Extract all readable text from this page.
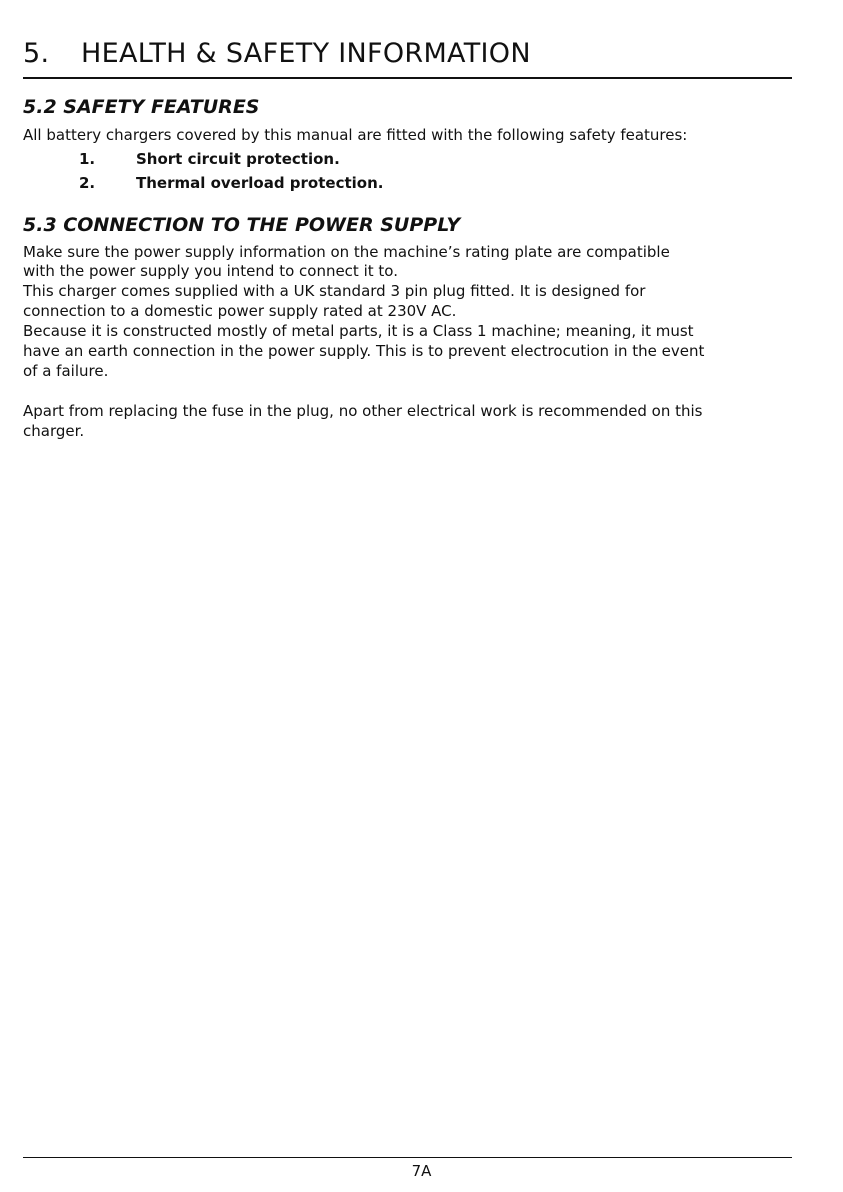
5. HEALTH & SAFETY INFORMATION
5.2 SAFETY FEATURES

All battery chargers covered by this manual are fitted with the following safety features:

1.	Short circuit protection.

2.	Thermal overload protection.

5.3 CONNECTION TO THE POWER SUPPLY

Make sure the power supply information on the machine’s rating plate are compatible

with the power supply you intend to connect it to.

This charger comes supplied with a UK standard 3 pin plug fitted. It is designed for

connection to a domestic power supply rated at 230V AC.

Because it is constructed mostly of metal parts, it is a Class 1 machine; meaning, it must

have an earth connection in the power supply. This is to prevent electrocution in the event

of a failure.

Apart from replacing the fuse in the plug, no other electrical work is recommended on this

charger.

7A
